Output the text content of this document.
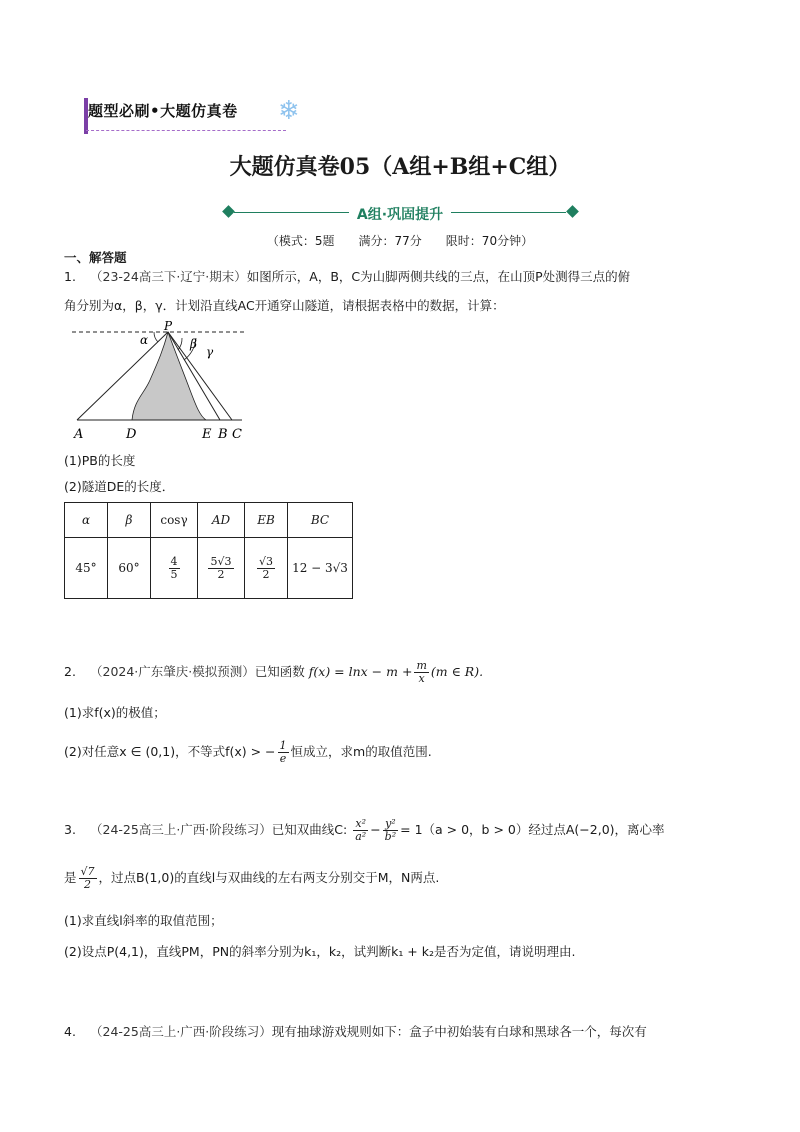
题型必刷•大题仿真卷 ❄
大题仿真卷05（A组+B组+C组）
A组·巩固提升
（模式：5题　　满分：77分　　限时：70分钟）
一、解答题
1. （23-24高三下·辽宁·期末）如图所示，A，B，C为山脚两侧共线的三点，在山顶P处测得三点的俯
角分别为α，β，γ．计划沿直线AC开通穿山隧道，请根据表格中的数据，计算：
P
α	β
γ
A	D	E B C
(1)PB的长度
(2)隧道DE的长度．
α	β	cosγ	AD	EB	BC
45°	60°	$\frac{4}{5}$	$\frac{5√3}{2}$	$\frac{√3}{2}$	12 − 3√3
2. （2024·广东肇庆·模拟预测）已知函数 $f(x) = \ln x - m + \frac{m}{x} (m$ ∈ R).
(1)求f(x)的极值；
(2)对任意x ∈ (0,1)，不等式f(x) > − $\frac{1}{e}$ 恒成立，求m的取值范围.
3. （24-25高三上·广西·阶段练习）已知双曲线C: $\frac{\text{x²}}{\text{a²}} - \frac{\text{y²}}{\text{b²}} = 1(a > 0$，b > 0）经过点A(−2,0)，离心率
是 $\frac{√7}{2}$ ，过点B(1,0)的直线l与双曲线的左右两支分别交于M，N两点.
(1)求直线l斜率的取值范围；
(2)设点P(4,1)，直线PM，PN的斜率分别为k₁，k₂，试判断k₁ + k₂是否为定值，请说明理由.
4. （24-25高三上·广西·阶段练习）现有抽球游戏规则如下：盒子中初始装有白球和黑球各一个，每次有
